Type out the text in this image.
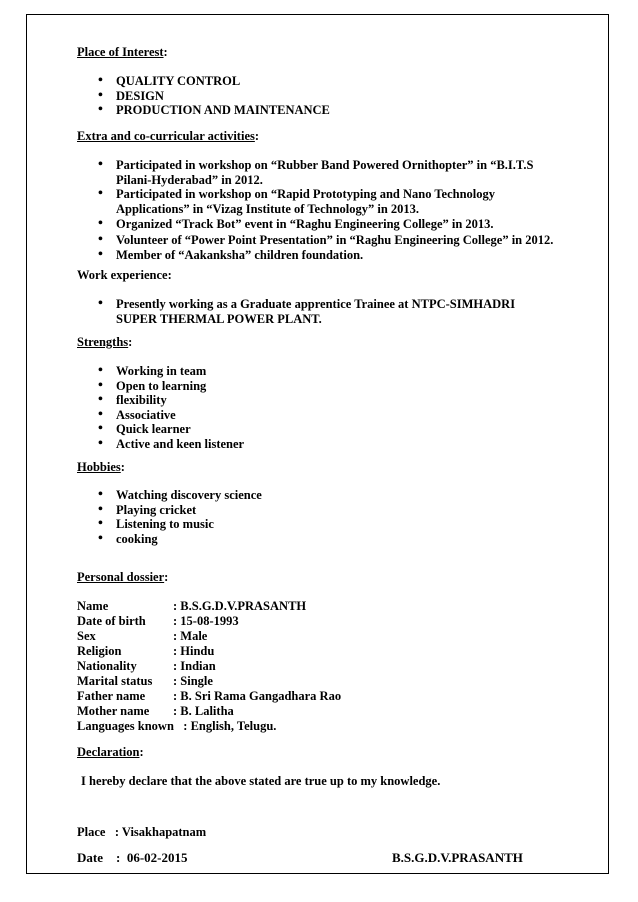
Place of Interest:
• QUALITY CONTROL
• DESIGN
• PRODUCTION AND MAINTENANCE
Extra and co-curricular activities:
• Participated in workshop on “Rubber Band Powered Ornithopter” in “B.I.T.S Pilani-Hyderabad” in 2012.
• Participated in workshop on “Rapid Prototyping and Nano Technology Applications” in “Vizag Institute of Technology” in 2013.
• Organized “Track Bot” event in “Raghu Engineering College” in 2013.
• Volunteer of “Power Point Presentation” in “Raghu Engineering College” in 2012.
• Member of “Aakanksha” children foundation.
Work experience:
• Presently working as a Graduate apprentice Trainee at NTPC-SIMHADRI SUPER THERMAL POWER PLANT.
Strengths:
• Working in team
• Open to learning
• flexibility
• Associative
• Quick learner
• Active and keen listener
Hobbies:
• Watching discovery science
• Playing cricket
• Listening to music
• cooking
Personal dossier:
Name	: B.S.G.D.V.PRASANTH
Date of birth : 15-08-1993
Sex	: Male
Religion	: Hindu
Nationality	: Indian
Marital status : Single
Father name : B. Sri Rama Gangadhara Rao
Mother name : B. Lalitha
Languages known   : English, Telugu.
Declaration:
I hereby declare that the above stated are true up to my knowledge.
Place   : Visakhapatnam
Date    :  06-02-2015	B.S.G.D.V.PRASANTH
